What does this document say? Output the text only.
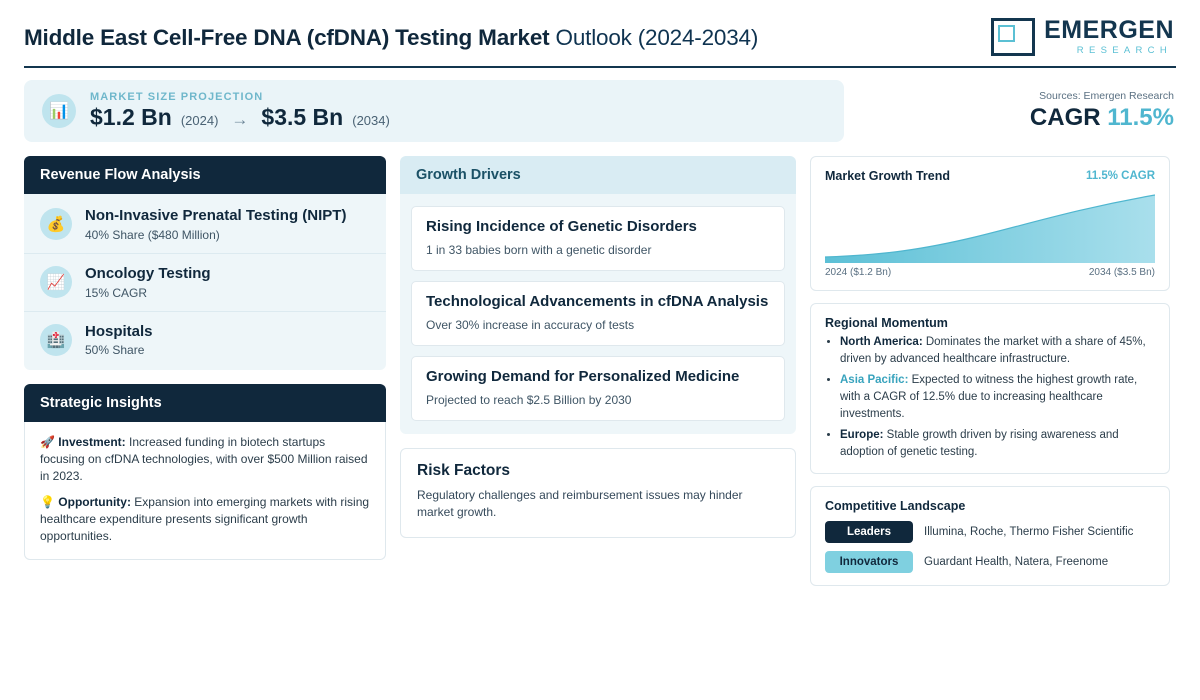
Middle East Cell-Free DNA (cfDNA) Testing Market Outlook (2024-2034)	EMERGEN
RESEARCH
📊
MARKET SIZE PROJECTION
$1.2 Bn (2024) → $3.5 Bn (2034)
Sources: Emergen Research
CAGR 11.5%
Revenue Flow Analysis
💰
Non-Invasive Prenatal Testing (NIPT)
40% Share ($480 Million)
📈
Oncology Testing
15% CAGR
🏥
Hospitals
50% Share
Strategic Insights
🚀 Investment: Increased funding in biotech startups focusing on cfDNA technologies, with over $500 Million raised in 2023.
💡 Opportunity: Expansion into emerging markets with rising healthcare expenditure presents significant growth opportunities.
Growth Drivers
Rising Incidence of Genetic Disorders
1 in 33 babies born with a genetic disorder
Technological Advancements in cfDNA Analysis
Over 30% increase in accuracy of tests
Growing Demand for Personalized Medicine
Projected to reach $2.5 Billion by 2030
Risk Factors
Regulatory challenges and reimbursement issues may hinder market growth.
Market Growth Trend	11.5% CAGR
2024 ($1.2 Bn)	2034 ($3.5 Bn)
Regional Momentum
• North America: Dominates the market with a share of 45%, driven by advanced healthcare infrastructure.
• Asia Pacific: Expected to witness the highest growth rate, with a CAGR of 12.5% due to increasing healthcare investments.
• Europe: Stable growth driven by rising awareness and adoption of genetic testing.
Competitive Landscape
Leaders	Illumina, Roche, Thermo Fisher Scientific
Innovators	Guardant Health, Natera, Freenome
